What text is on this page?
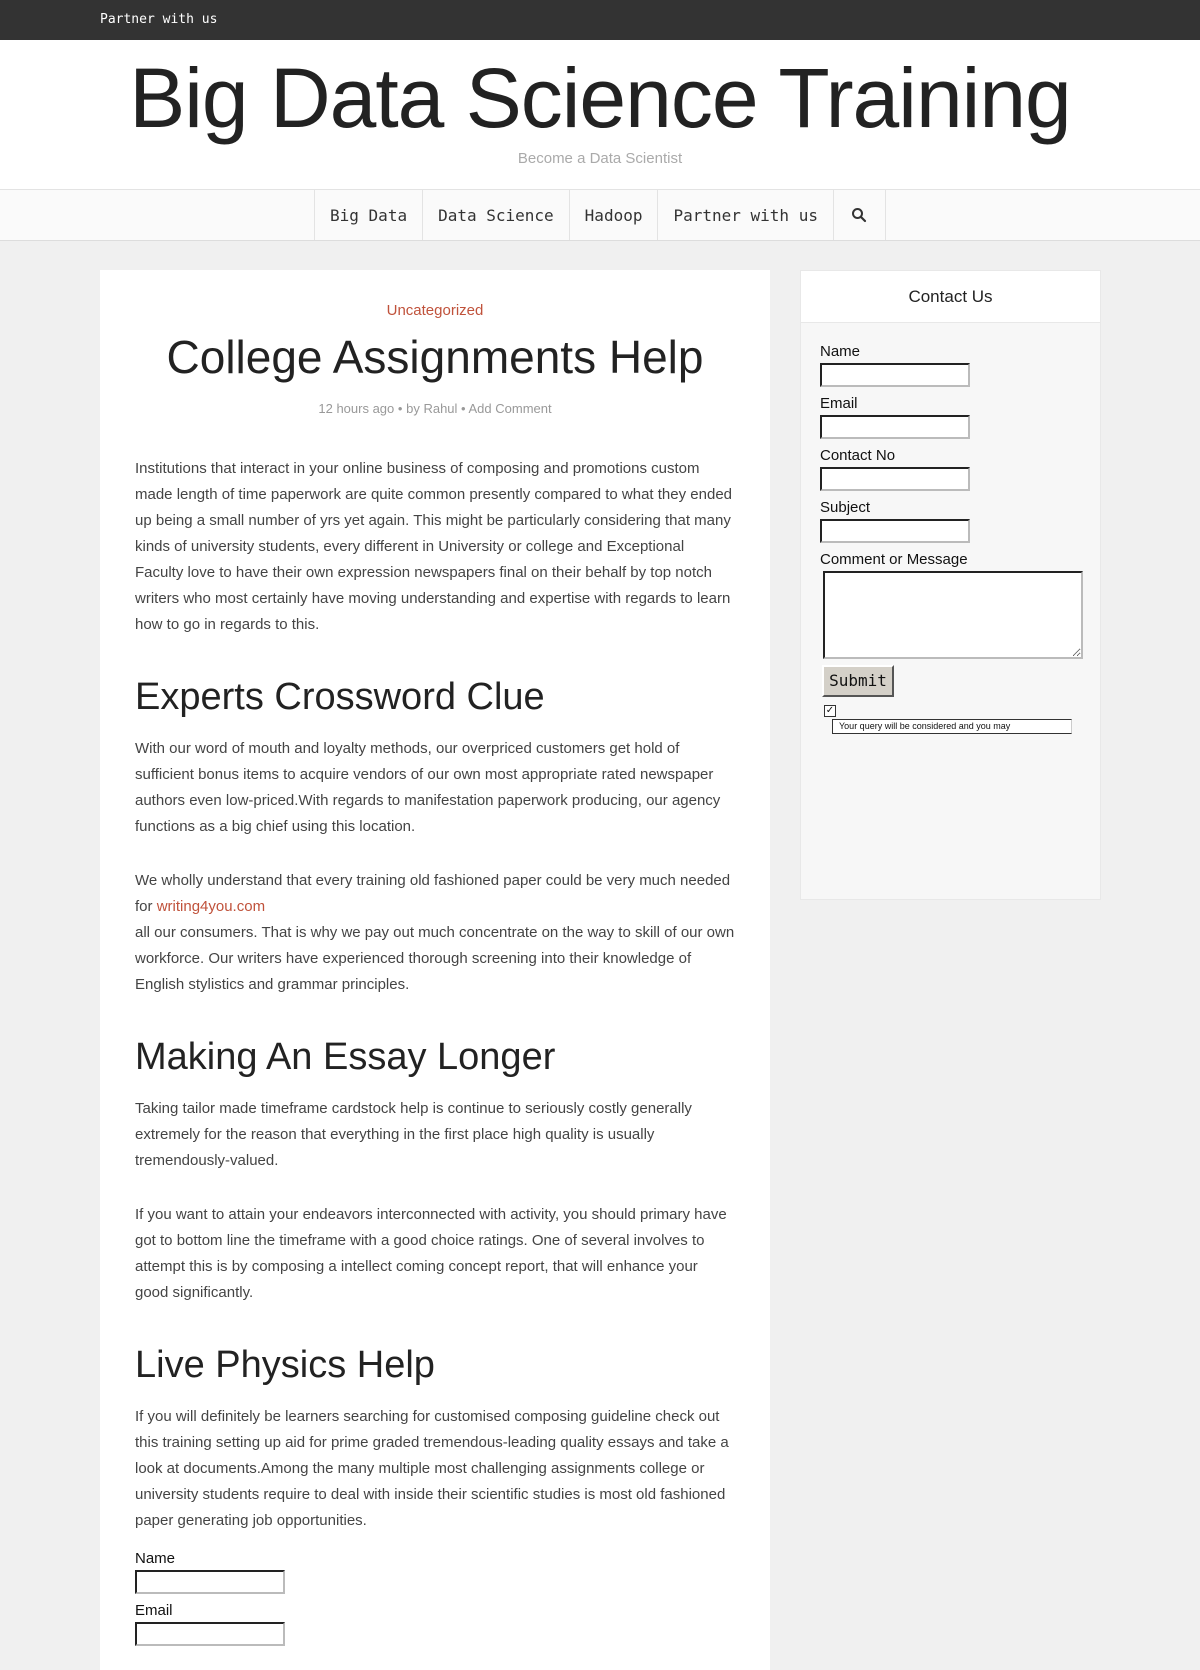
Partner with us
Big Data Science Training
Become a Data Scientist
Big Data	Data Science	Hadoop	Partner with us
Uncategorized
College Assignments Help
12 hours ago • by Rahul • Add Comment

Institutions that interact in your online business of composing and promotions custom made length of time paperwork are quite common presently compared to what they ended up being a small number of yrs yet again. This might be particularly considering that many kinds of university students, every different in University or college and Exceptional Faculty love to have their own expression newspapers final on their behalf by top notch writers who most certainly have moving understanding and expertise with regards to learn how to go in regards to this.

Experts Crossword Clue

With our word of mouth and loyalty methods, our overpriced customers get hold of sufficient bonus items to acquire vendors of our own most appropriate rated newspaper authors even low-priced.With regards to manifestation paperwork producing, our agency functions as a big chief using this location.

We wholly understand that every training old fashioned paper could be very much needed for writing4you.com
all our consumers. That is why we pay out much concentrate on the way to skill of our own workforce. Our writers have experienced thorough screening into their knowledge of English stylistics and grammar principles.

Making An Essay Longer

Taking tailor made timeframe cardstock help is continue to seriously costly generally extremely for the reason that everything in the first place high quality is usually tremendously-valued.

If you want to attain your endeavors interconnected with activity, you should primary have got to bottom line the timeframe with a good choice ratings. One of several involves to attempt this is by composing a intellect coming concept report, that will enhance your good significantly.

Live Physics Help

If you will definitely be learners searching for customised composing guideline check out this training setting up aid for prime graded tremendous-leading quality essays and take a look at documents.Among the many multiple most challenging assignments college or university students require to deal with inside their scientific studies is most old fashioned paper generating job opportunities.

Name
Email
Contact Us
Name
Email
Contact No
Subject
Comment or Message
Submit
✓
Your query will be considered and you may
